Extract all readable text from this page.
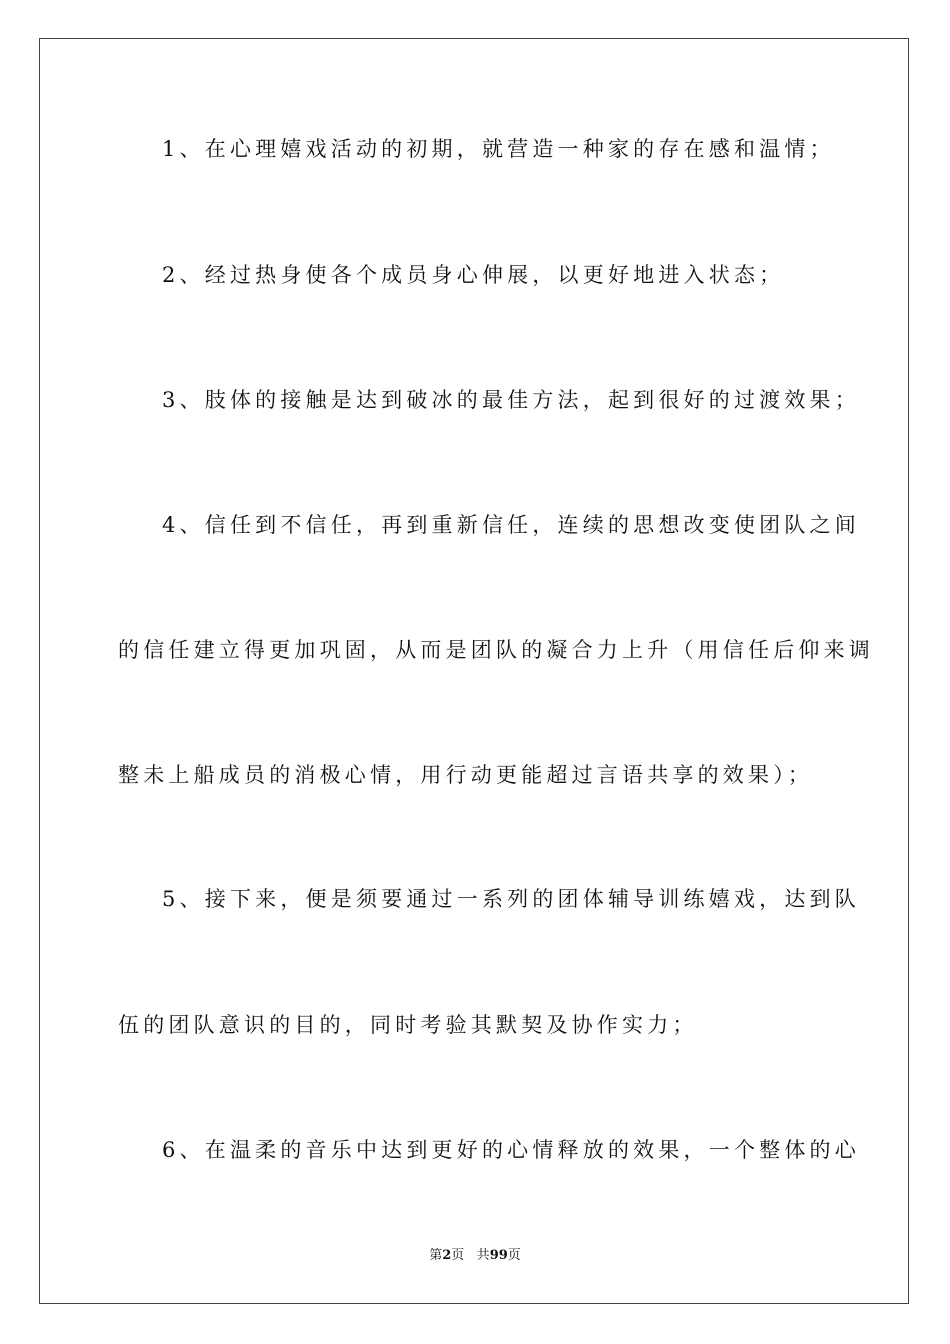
1、在心理嬉戏活动的初期，就营造一种家的存在感和温情；
2、经过热身使各个成员身心伸展，以更好地进入状态；
3、肢体的接触是达到破冰的最佳方法，起到很好的过渡效果；
4、信任到不信任，再到重新信任，连续的思想改变使团队之间
的信任建立得更加巩固，从而是团队的凝合力上升（用信任后仰来调
整未上船成员的消极心情，用行动更能超过言语共享的效果）；
5、接下来，便是须要通过一系列的团体辅导训练嬉戏，达到队
伍的团队意识的目的，同时考验其默契及协作实力；
6、在温柔的音乐中达到更好的心情释放的效果，一个整体的心
第2页 共99页
